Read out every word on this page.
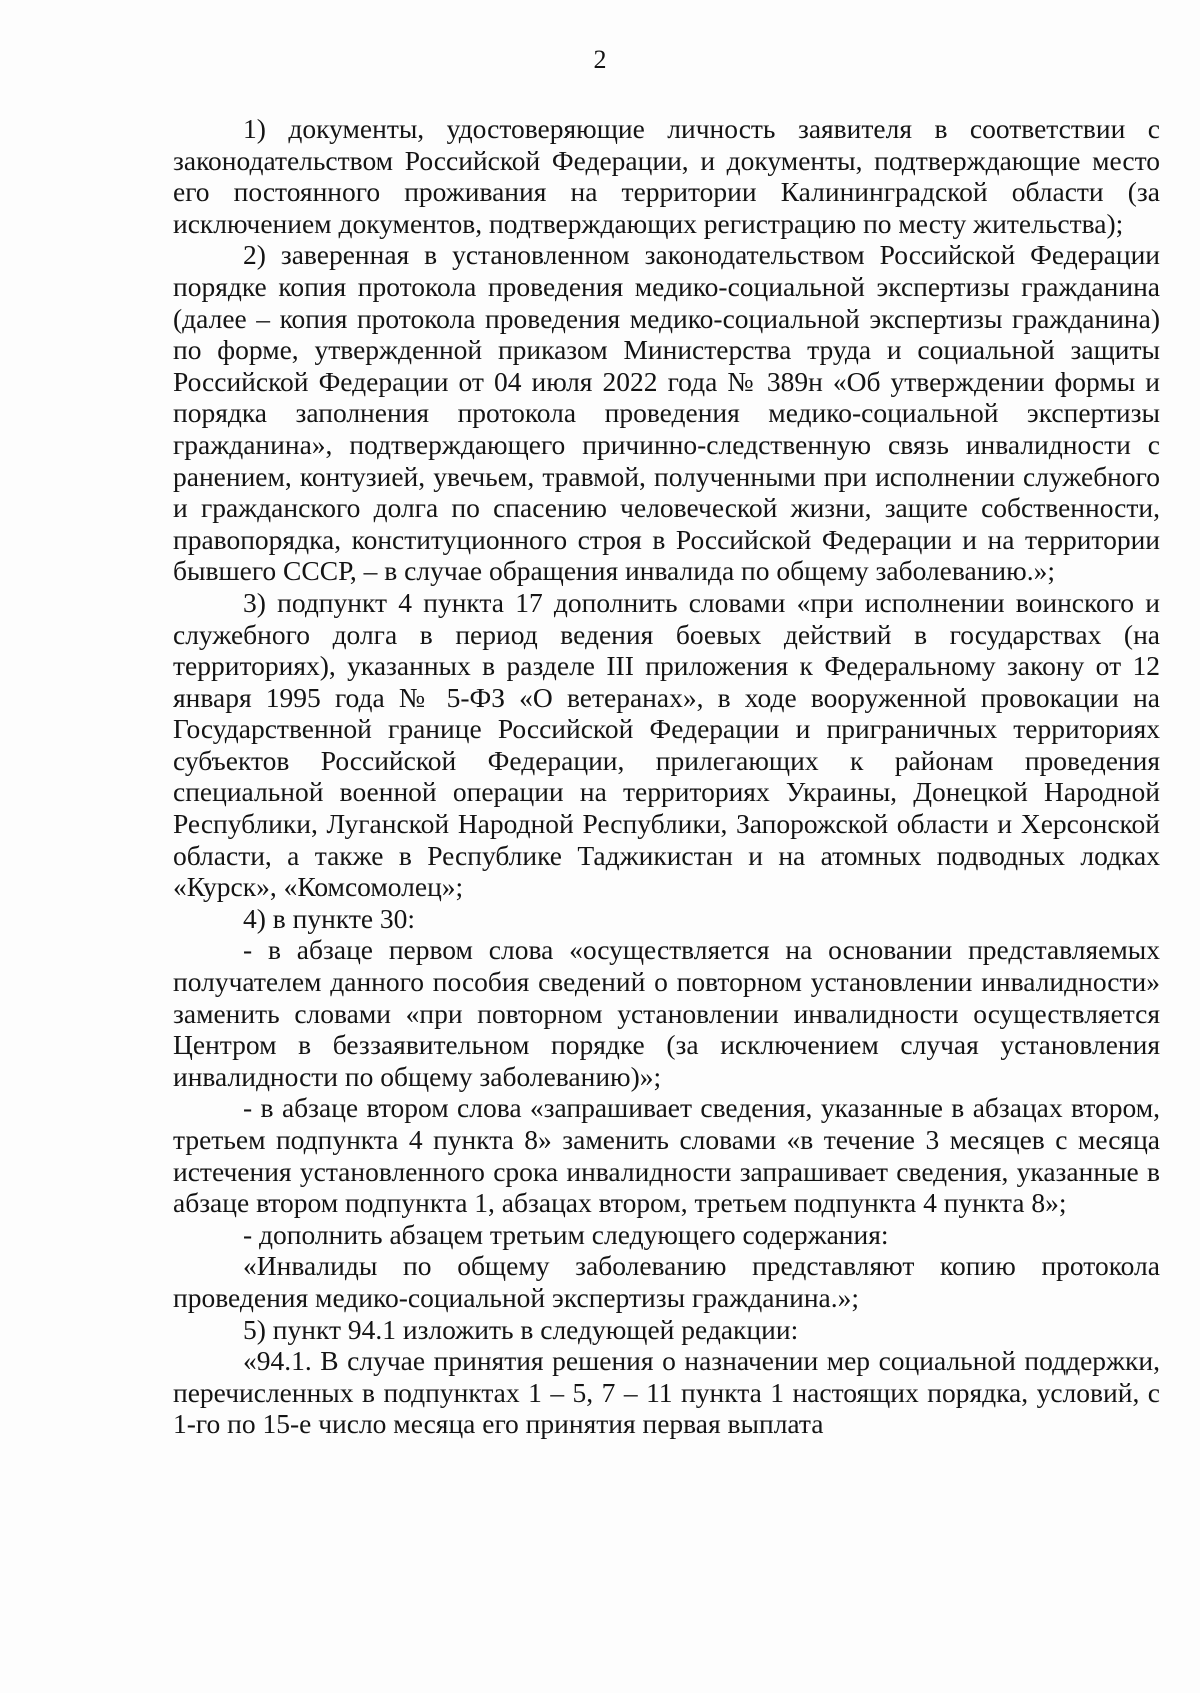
2

1) документы, удостоверяющие личность заявителя в соответствии с законодательством Российской Федерации, и документы, подтверждающие место его постоянного проживания на территории Калининградской области (за исключением документов, подтверждающих регистрацию по месту жительства);

2) заверенная в установленном законодательством Российской Федерации порядке копия протокола проведения медико-социальной экспертизы гражданина (далее – копия протокола проведения медико-социальной экспертизы гражданина) по форме, утвержденной приказом Министерства труда и социальной защиты Российской Федерации от 04 июля 2022 года № 389н «Об утверждении формы и порядка заполнения протокола проведения медико-социальной экспертизы гражданина», подтверждающего причинно-следственную связь инвалидности с ранением, контузией, увечьем, травмой, полученными при исполнении служебного и гражданского долга по спасению человеческой жизни, защите собственности, правопорядка, конституционного строя в Российской Федерации и на территории бывшего СССР, – в случае обращения инвалида по общему заболеванию.»;

3) подпункт 4 пункта 17 дополнить словами «при исполнении воинского и служебного долга в период ведения боевых действий в государствах (на территориях), указанных в разделе III приложения к Федеральному закону от 12 января 1995 года № 5-ФЗ «О ветеранах», в ходе вооруженной провокации на Государственной границе Российской Федерации и приграничных территориях субъектов Российской Федерации, прилегающих к районам проведения специальной военной операции на территориях Украины, Донецкой Народной Республики, Луганской Народной Республики, Запорожской области и Херсонской области, а также в Республике Таджикистан и на атомных подводных лодках «Курск», «Комсомолец»;

4) в пункте 30:

- в абзаце первом слова «осуществляется на основании представляемых получателем данного пособия сведений о повторном установлении инвалидности» заменить словами «при повторном установлении инвалидности осуществляется Центром в беззаявительном порядке (за исключением случая установления инвалидности по общему заболеванию)»;

- в абзаце втором слова «запрашивает сведения, указанные в абзацах втором, третьем подпункта 4 пункта 8» заменить словами «в течение 3 месяцев с месяца истечения установленного срока инвалидности запрашивает сведения, указанные в абзаце втором подпункта 1, абзацах втором, третьем подпункта 4 пункта 8»;

- дополнить абзацем третьим следующего содержания:

«Инвалиды по общему заболеванию представляют копию протокола проведения медико-социальной экспертизы гражданина.»;

5) пункт 94.1 изложить в следующей редакции:

«94.1. В случае принятия решения о назначении мер социальной поддержки, перечисленных в подпунктах 1 – 5, 7 – 11 пункта 1 настоящих порядка, условий, с 1-го по 15-е число месяца его принятия первая выплата
